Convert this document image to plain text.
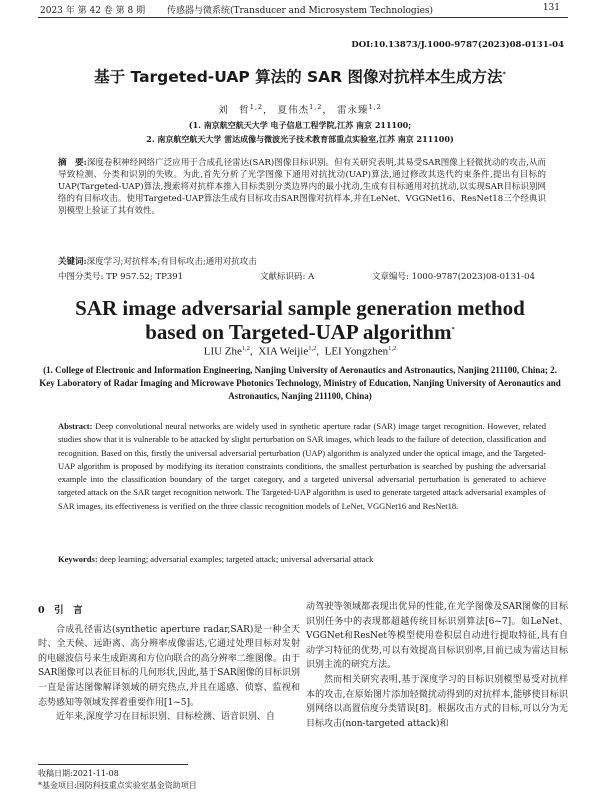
2023 年 第 42 卷 第 8 期	传感器与微系统(Transducer and Microsystem Technologies)	131
DOI:10.13873/J.1000-9787(2023)08-0131-04
基于 Targeted-UAP 算法的 SAR 图像对抗样本生成方法*
刘　哲$^{1,2}$， 夏伟杰$^{1,2}$， 雷永臻$^{1,2}$
(1. 南京航空航天大学 电子信息工程学院,江苏 南京 211100;
2. 南京航空航天大学 雷达成像与微波光子技术教育部重点实验室,江苏 南京 211100)
摘　要:深度卷积神经网络广泛应用于合成孔径雷达(SAR)图像目标识别。但有关研究表明,其易受SAR图像上轻微扰动的攻击,从而导致检测、分类和识别的失败。为此,首先分析了光学图像下通用对抗扰动(UAP)算法,通过修改其迭代约束条件,提出有目标的UAP(Targeted-UAP)算法,搜索将对抗样本推入目标类别分类边界内的最小扰动,生成有目标通用对抗扰动,以实现SAR目标识别网络的有目标攻击。使用Targeted-UAP算法生成有目标攻击SAR图像对抗样本,并在LeNet、VGGNet16、ResNet18三个经典识别模型上验证了其有效性。
关键词:深度学习;对抗样本;有目标攻击;通用对抗攻击
中图分类号: TP 957.52; TP391	文献标识码: A	文章编号: 1000-9787(2023)08-0131-04
SAR image adversarial sample generation method
based on Targeted-UAP algorithm*
LIU Zhe$^{1,2}$,  XIA Weijie$^{1,2}$,  LEI Yongzhen$^{1,2}$
(1. College of Electronic and Information Engineering, Nanjing University of Aeronautics and Astronautics, Nanjing 211100, China; 2. Key Laboratory of Radar Imaging and Microwave Photonics Technology, Ministry of Education, Nanjing University of Aeronautics and Astronautics, Nanjing 211100, China)
Abstract: Deep convolutional neural networks are widely used in synthetic aperture radar (SAR) image target recognition. However, related studies show that it is vulnerable to be attacked by slight perturbation on SAR images, which leads to the failure of detection, classification and recognition. Based on this, firstly the universal adversarial perturbation (UAP) algorithm is analyzed under the optical image, and the Targeted-UAP algorithm is proposed by modifying its iteration constraints conditions, the smallest perturbation is searched by pushing the adversarial example into the classification boundary of the target category, and a targeted universal adversarial perturbation is generated to achieve targeted attack on the SAR target recognition network. The Targeted-UAP algorithm is used to generate targeted attack adversarial examples of SAR images, its effectiveness is verified on the three classic recognition models of LeNet, VGGNet16 and ResNet18.
Keywords: deep learning; adversarial examples; targeted attack; universal adversarial attack
0　引　言

合成孔径雷达(synthetic aperture radar,SAR)是一种全天时、全天候、远距离、高分辨率成像雷达,它通过处理目标对发射的电磁波信号来生成距离和方位向联合的高分辨率二维图像。由于SAR图像可以表征目标的几何形状,因此,基于SAR图像的目标识别一直是雷达图像解译领域的研究热点,并且在遥感、侦察、监视和态势感知等领域发挥着重要作用[1~5]。

近年来,深度学习在目标识别、目标检测、语音识别、自

动驾驶等领域都表现出优异的性能,在光学图像及SAR图像的目标识别任务中的表现都超越传统目标识别算法[6~7]。如LeNet、VGGNet和ResNet等模型使用卷积层自动进行提取特征,具有自动学习特征的优势,可以有效提高目标识别率,目前已成为雷达目标识别主流的研究方法。

然而相关研究表明,基于深度学习的目标识别模型易受对抗样本的攻击,在原始图片添加轻微扰动得到的对抗样本,能够使目标识别网络以高置信度分类错误[8]。根据攻击方式的目标,可以分为无目标攻击(non-targeted attack)和

收稿日期:2021-11-08
*基金项目:国防科技重点实验室基金资助项目
